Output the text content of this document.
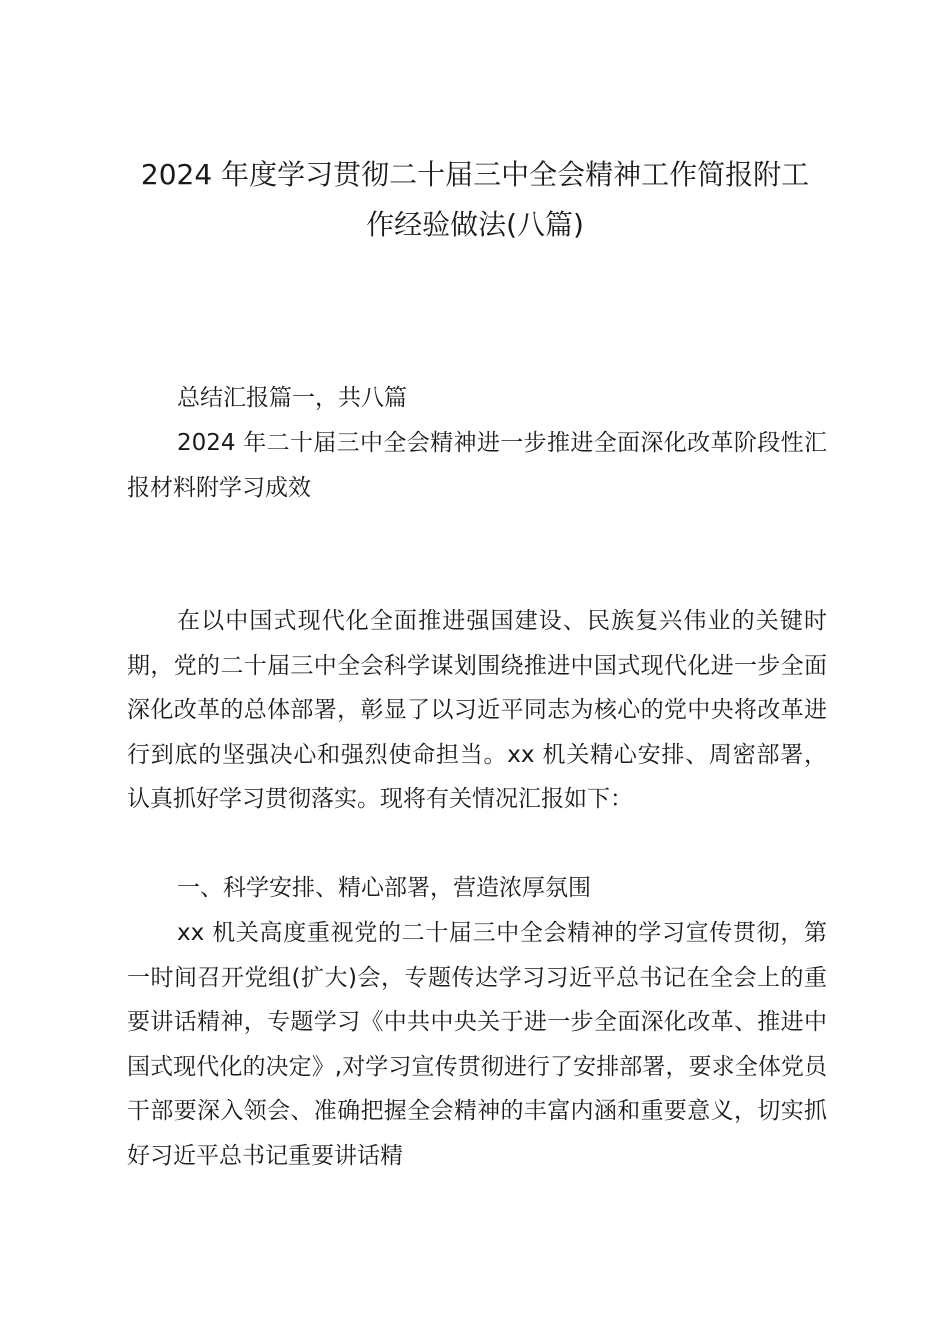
2024 年度学习贯彻二十届三中全会精神工作简报附工
作经验做法(八篇)

总结汇报篇一，共八篇

2024 年二十届三中全会精神进一步推进全面深化改革阶段性汇报材料附学习成效

在以中国式现代化全面推进强国建设、民族复兴伟业的关键时期，党的二十届三中全会科学谋划围绕推进中国式现代化进一步全面深化改革的总体部署，彰显了以习近平同志为核心的党中央将改革进行到底的坚强决心和强烈使命担当。xx 机关精心安排、周密部署，认真抓好学习贯彻落实。现将有关情况汇报如下：

一、科学安排、精心部署，营造浓厚氛围

xx 机关高度重视党的二十届三中全会精神的学习宣传贯彻，第一时间召开党组(扩大)会，专题传达学习习近平总书记在全会上的重要讲话精神，专题学习《中共中央关于进一步全面深化改革、推进中国式现代化的决定》,对学习宣传贯彻进行了安排部署，要求全体党员干部要深入领会、准确把握全会精神的丰富内涵和重要意义，切实抓好习近平总书记重要讲话精
